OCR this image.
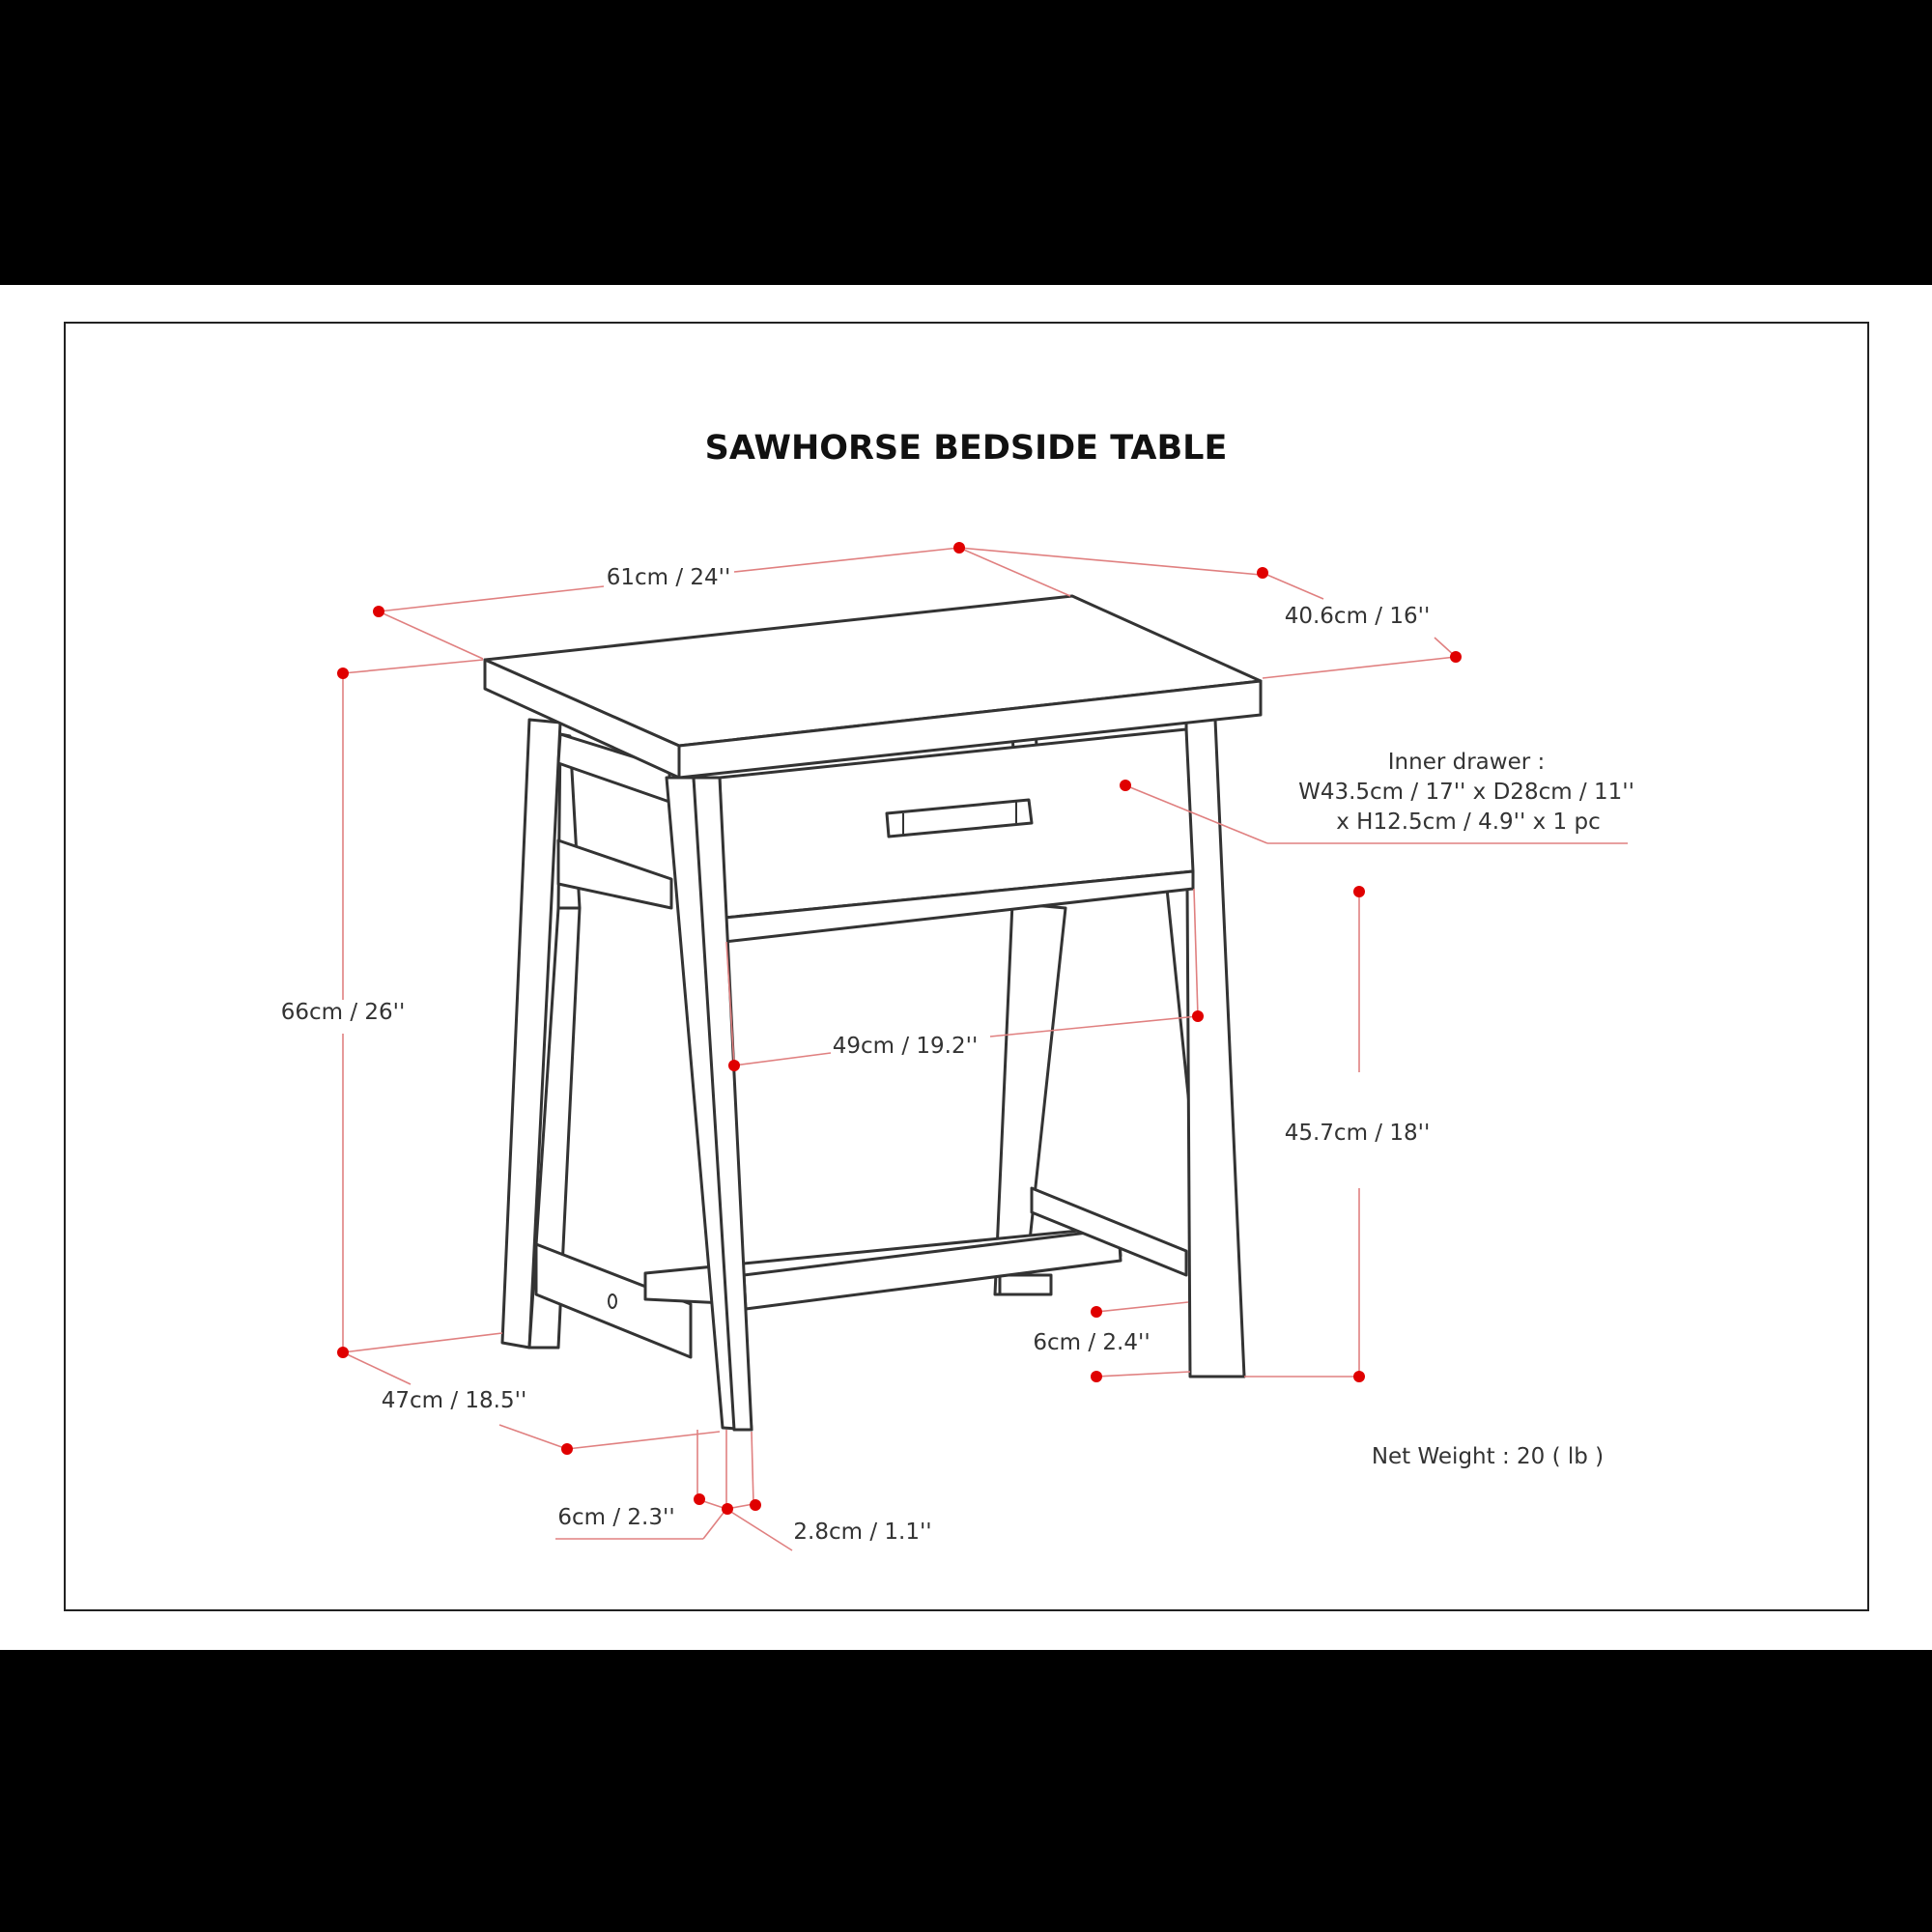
SAWHORSE BEDSIDE TABLE
61cm / 24''
40.6cm / 16''
66cm / 26''
Inner drawer :
W43.5cm / 17'' x D28cm / 11''
x H12.5cm / 4.9'' x 1 pc
49cm / 19.2''
45.7cm / 18''
6cm / 2.4''
47cm / 18.5''
6cm / 2.3''
2.8cm / 1.1''
Net Weight : 20 ( lb )
